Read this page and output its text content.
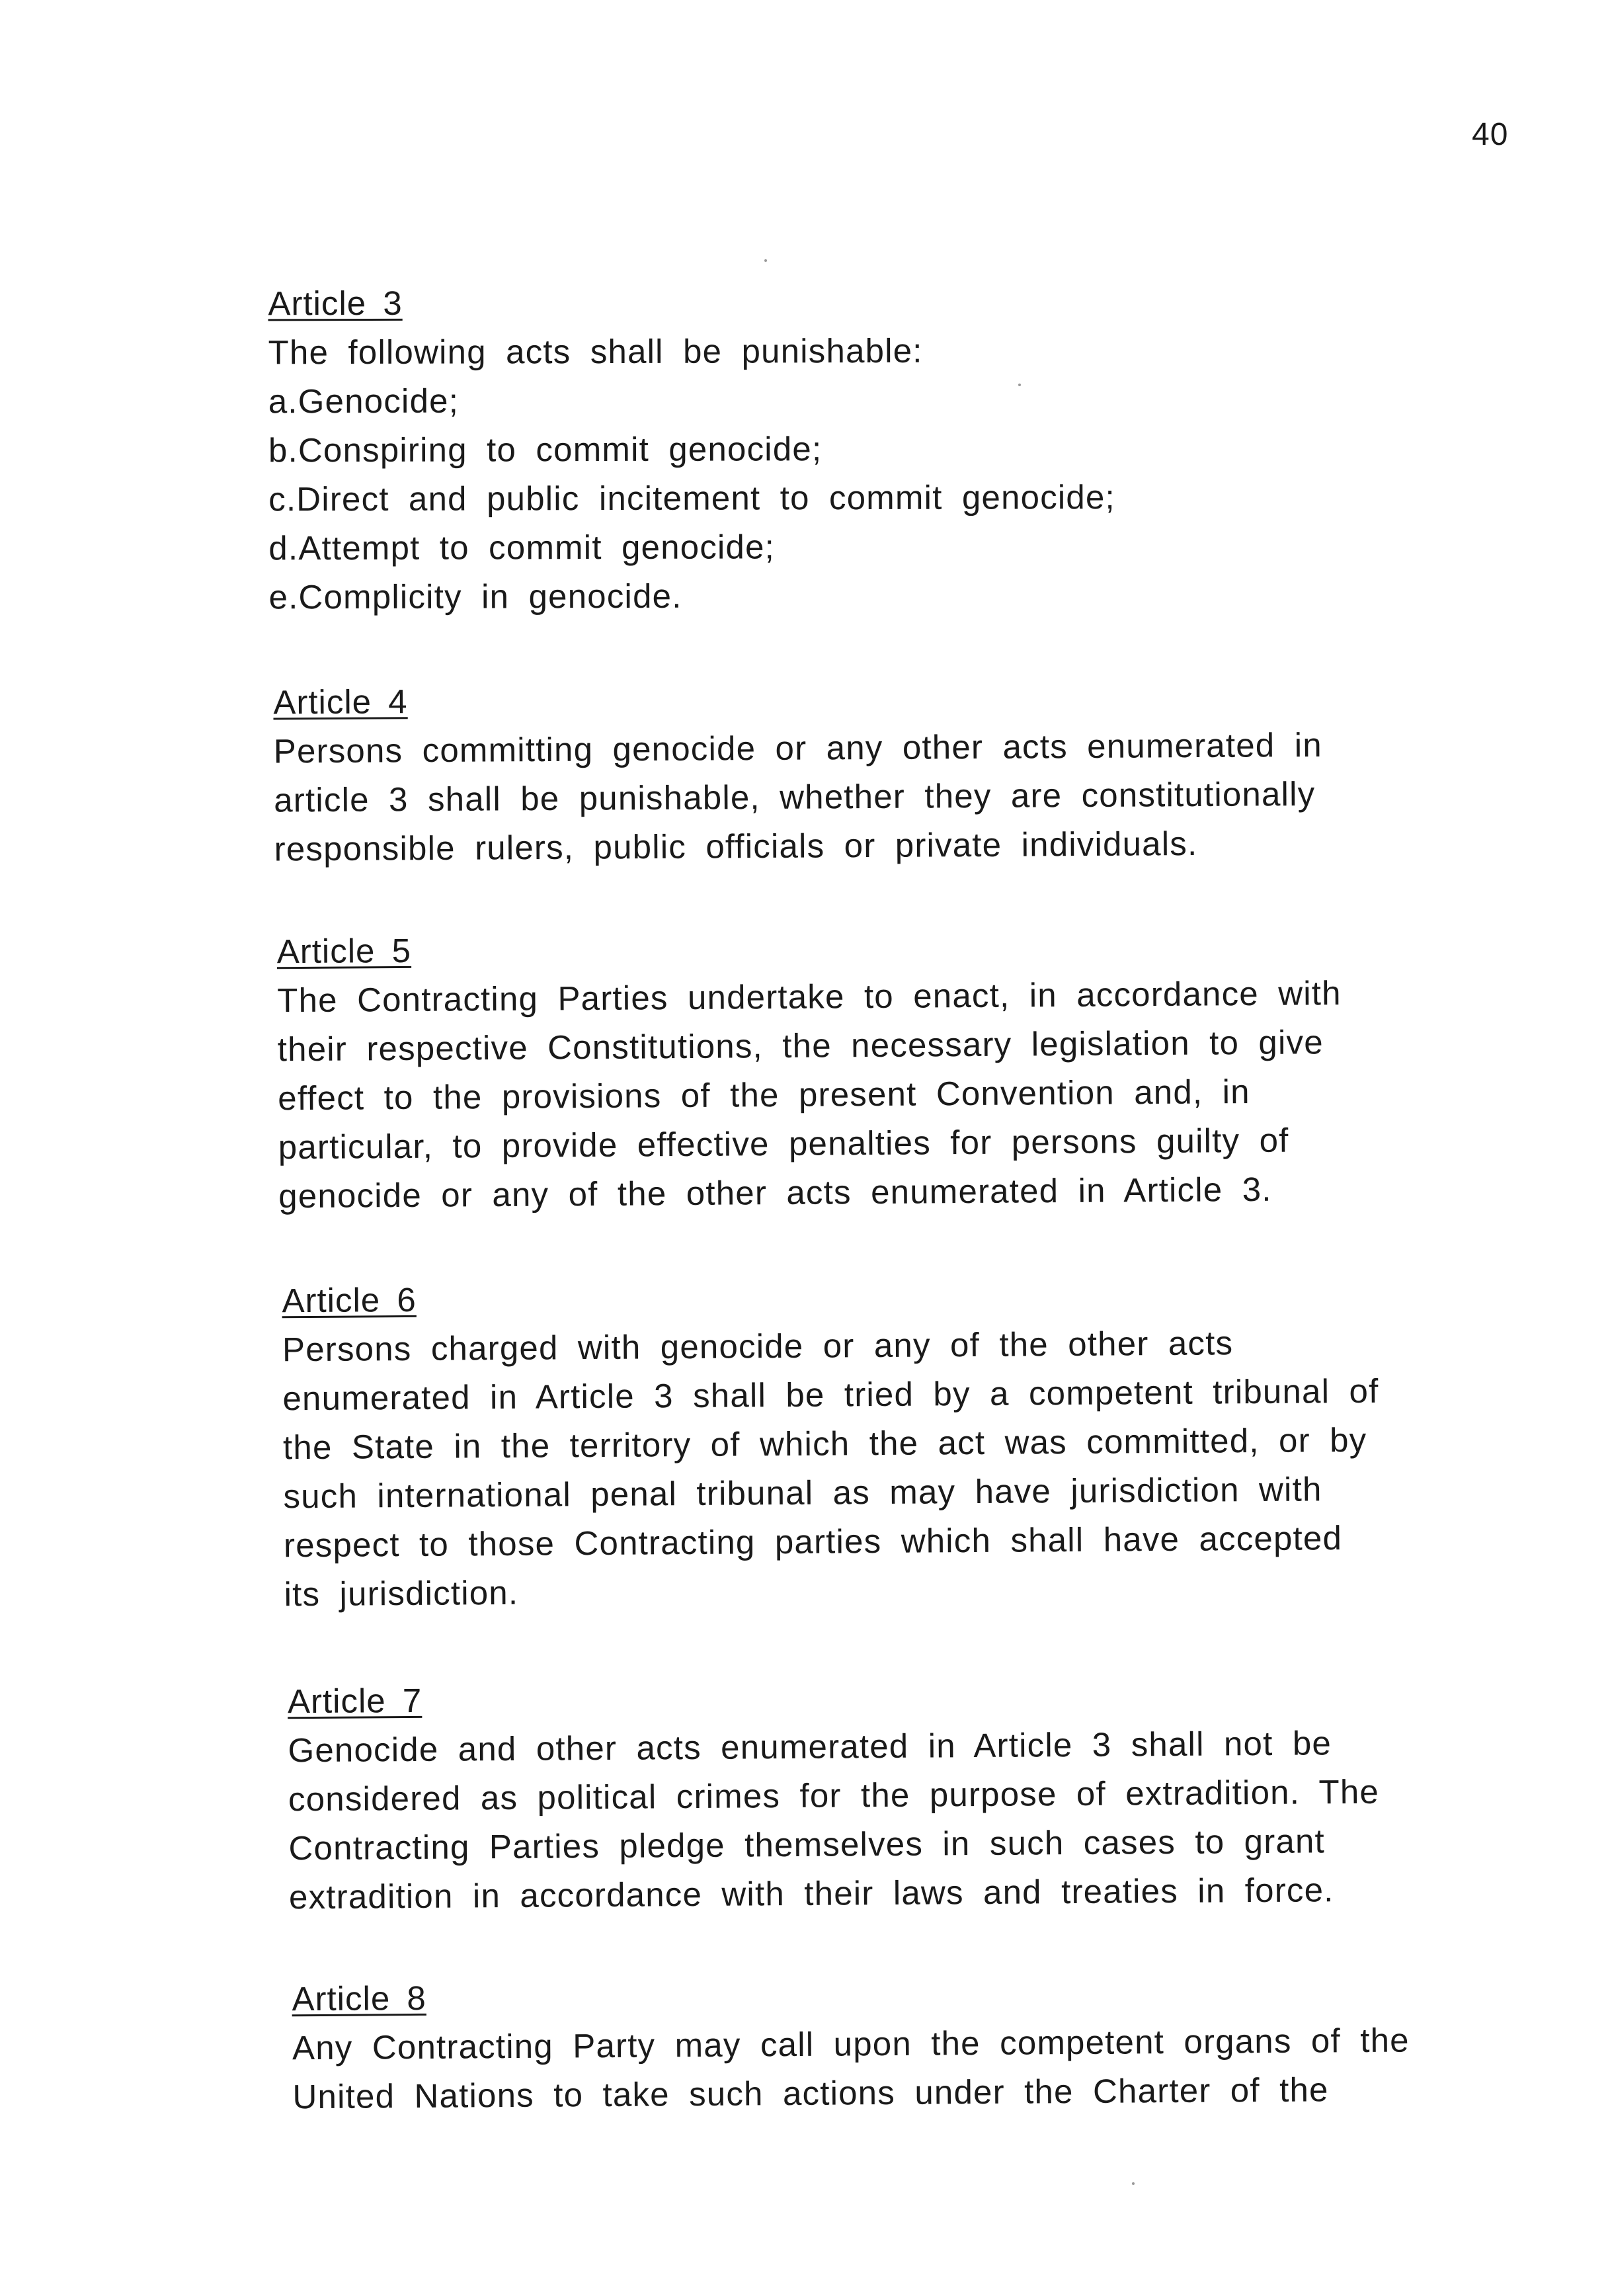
40
Article 3
The following acts shall be punishable:
a.Genocide;
b.Conspiring to commit genocide;
c.Direct and public incitement to commit genocide;
d.Attempt to commit genocide;
e.Complicity in genocide.
Article 4
Persons committing genocide or any other acts enumerated in
article 3 shall be punishable, whether they are constitutionally
responsible rulers, public officials or private individuals.
Article 5
The Contracting Parties undertake to enact, in accordance with
their respective Constitutions, the necessary legislation to give
effect to the provisions of the present Convention and, in
particular, to provide effective penalties for persons guilty of
genocide or any of the other acts enumerated in Article 3.
Article 6
Persons charged with genocide or any of the other acts
enumerated in Article 3 shall be tried by a competent tribunal of
the State in the territory of which the act was committed, or by
such international penal tribunal as may have jurisdiction with
respect to those Contracting parties which shall have accepted
its jurisdiction.
Article 7
Genocide and other acts enumerated in Article 3 shall not be
considered as political crimes for the purpose of extradition. The
Contracting Parties pledge themselves in such cases to grant
extradition in accordance with their laws and treaties in force.
Article 8
Any Contracting Party may call upon the competent organs of the
United Nations to take such actions under the Charter of the
